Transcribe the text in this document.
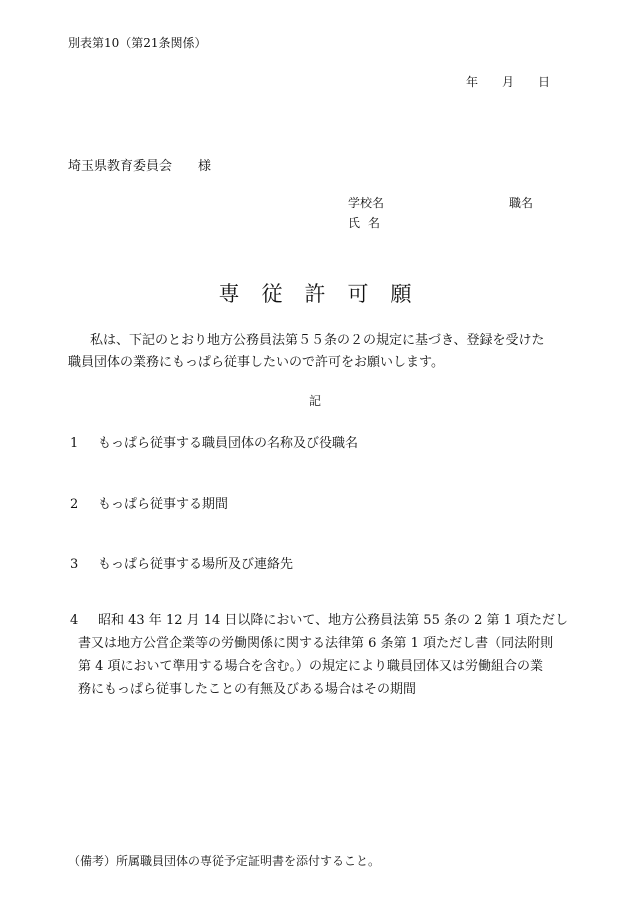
別表第10（第21条関係）
年 月 日
埼玉県教育委員会 様
学校名	職名
氏名
専従許可願

私は、下記のとおり地方公務員法第５５条の２の規定に基づき、登録を受けた

職員団体の業務にもっぱら従事したいので許可をお願いします。

記
1 もっぱら従事する職員団体の名称及び役職名
2 もっぱら従事する期間
3 もっぱら従事する場所及び連絡先
4 昭和 43 年 12 月 14 日以降において、地方公務員法第 55 条の 2 第 1 項ただし
書又は地方公営企業等の労働関係に関する法律第 6 条第 1 項ただし書（同法附則
第 4 項において準用する場合を含む。）の規定により職員団体又は労働組合の業
務にもっぱら従事したことの有無及びある場合はその期間
（備考）所属職員団体の専従予定証明書を添付すること。
